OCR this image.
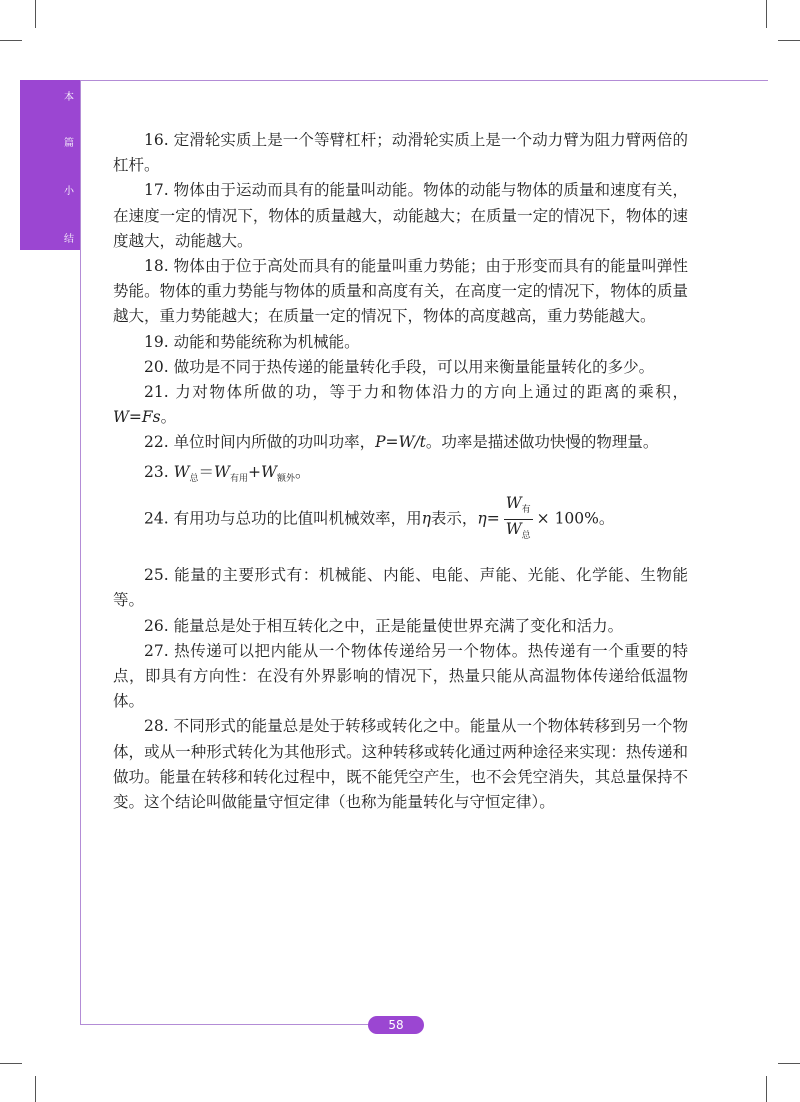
本
篇
小
结

16. 定滑轮实质上是一个等臂杠杆；动滑轮实质上是一个动力臂为阻力臂两倍的杠杆。

17. 物体由于运动而具有的能量叫动能。物体的动能与物体的质量和速度有关，在速度一定的情况下，物体的质量越大，动能越大；在质量一定的情况下，物体的速度越大，动能越大。

18. 物体由于位于高处而具有的能量叫重力势能；由于形变而具有的能量叫弹性势能。物体的重力势能与物体的质量和高度有关，在高度一定的情况下，物体的质量越大，重力势能越大；在质量一定的情况下，物体的高度越高，重力势能越大。

19. 动能和势能统称为机械能。

20. 做功是不同于热传递的能量转化手段，可以用来衡量能量转化的多少。

21. 力对物体所做的功，等于力和物体沿力的方向上通过的距离的乘积，W=Fs。

22. 单位时间内所做的功叫功率，P=W/t。功率是描述做功快慢的物理量。

23. $W_总=W_{有用}+W_{额外}$。

24. 有用功与总功的比值叫机械效率，用η表示，$\eta= \frac{W_有}{W_总} \times 100\%$。

25. 能量的主要形式有：机械能、内能、电能、声能、光能、化学能、生物能等。

26. 能量总是处于相互转化之中，正是能量使世界充满了变化和活力。

27. 热传递可以把内能从一个物体传递给另一个物体。热传递有一个重要的特点，即具有方向性：在没有外界影响的情况下，热量只能从高温物体传递给低温物体。

28. 不同形式的能量总是处于转移或转化之中。能量从一个物体转移到另一个物体，或从一种形式转化为其他形式。这种转移或转化通过两种途径来实现：热传递和做功。能量在转移和转化过程中，既不能凭空产生，也不会凭空消失，其总量保持不变。这个结论叫做能量守恒定律（也称为能量转化与守恒定律）。

58
